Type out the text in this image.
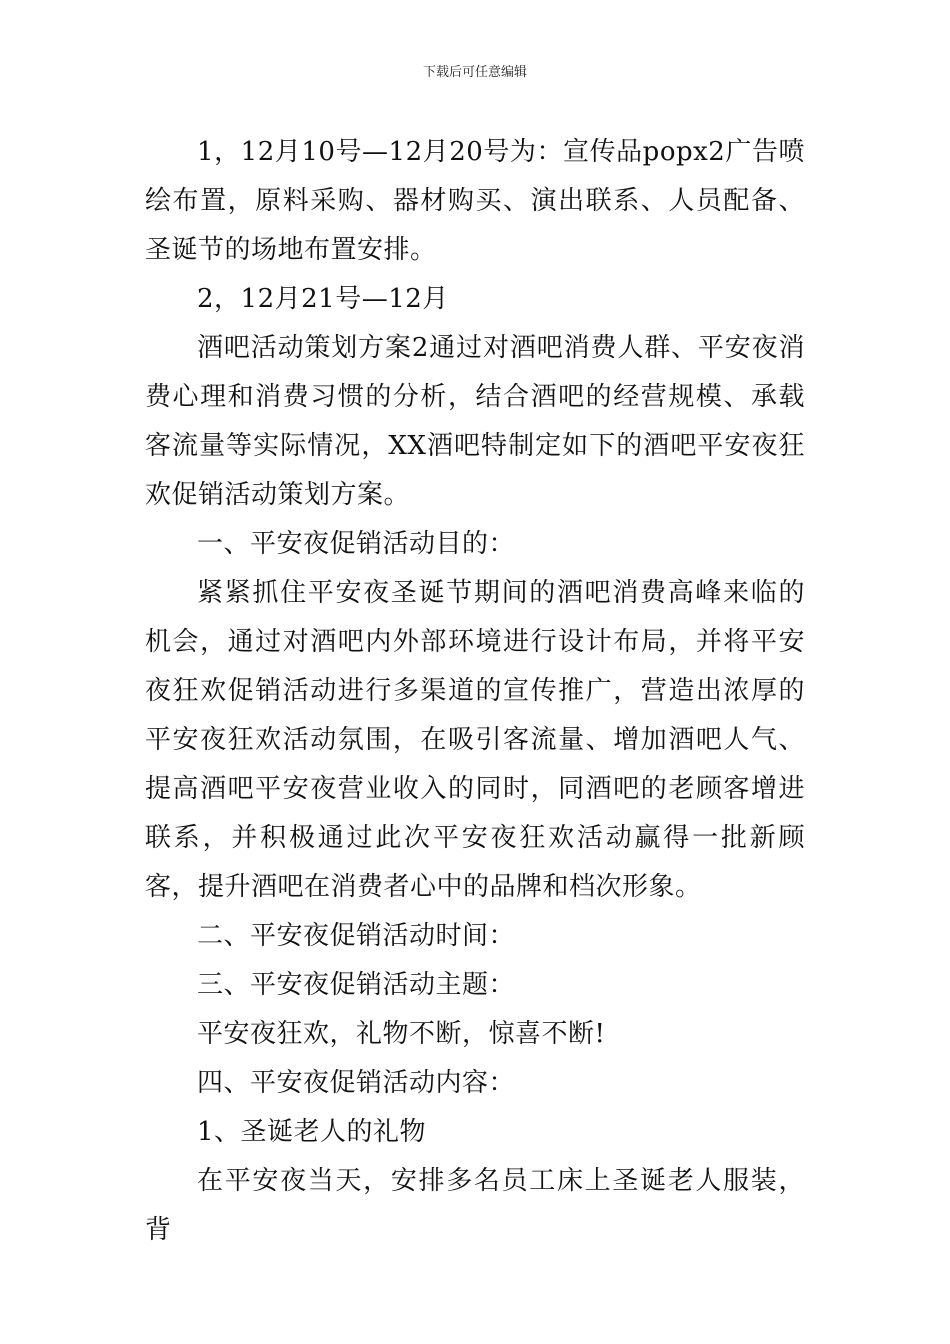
下载后可任意编辑

1，12月10号—12月20号为：宣传品popx2广告喷绘布置，原料采购、器材购买、演出联系、人员配备、圣诞节的场地布置安排。

2，12月21号—12月

酒吧活动策划方案2通过对酒吧消费人群、平安夜消费心理和消费习惯的分析，结合酒吧的经营规模、承载客流量等实际情况，XX酒吧特制定如下的酒吧平安夜狂欢促销活动策划方案。

一、平安夜促销活动目的：

紧紧抓住平安夜圣诞节期间的酒吧消费高峰来临的机会，通过对酒吧内外部环境进行设计布局，并将平安夜狂欢促销活动进行多渠道的宣传推广，营造出浓厚的平安夜狂欢活动氛围，在吸引客流量、增加酒吧人气、提高酒吧平安夜营业收入的同时，同酒吧的老顾客增进联系，并积极通过此次平安夜狂欢活动赢得一批新顾客，提升酒吧在消费者心中的品牌和档次形象。

二、平安夜促销活动时间：

三、平安夜促销活动主题：

平安夜狂欢，礼物不断，惊喜不断!

四、平安夜促销活动内容：

1、圣诞老人的礼物

在平安夜当天，安排多名员工床上圣诞老人服装，背
